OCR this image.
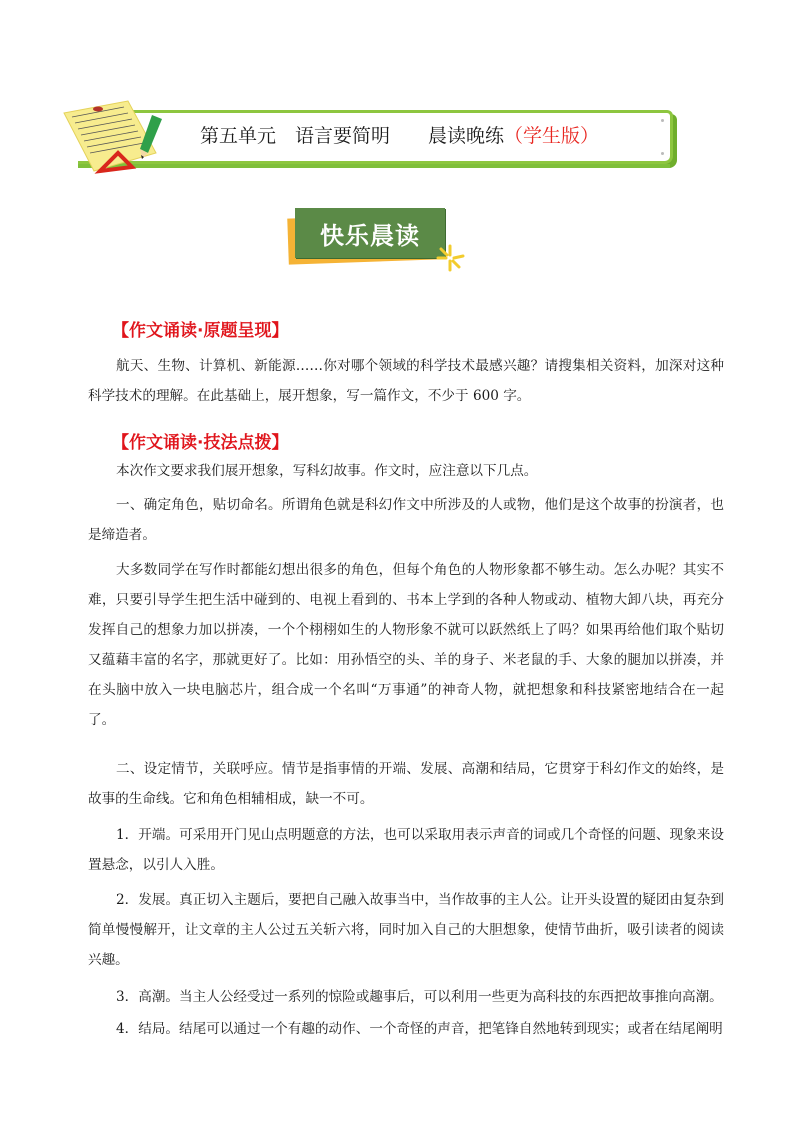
第五单元　语言要简明　　晨读晚练（学生版）
快乐晨读
【作文诵读·原题呈现】

航天、生物、计算机、新能源……你对哪个领域的科学技术最感兴趣？请搜集相关资料，加深对这种科学技术的理解。在此基础上，展开想象，写一篇作文，不少于 600 字。

【作文诵读·技法点拨】

本次作文要求我们展开想象，写科幻故事。作文时，应注意以下几点。

一、确定角色，贴切命名。所谓角色就是科幻作文中所涉及的人或物，他们是这个故事的扮演者，也是缔造者。

大多数同学在写作时都能幻想出很多的角色，但每个角色的人物形象都不够生动。怎么办呢？其实不难，只要引导学生把生活中碰到的、电视上看到的、书本上学到的各种人物或动、植物大卸八块，再充分发挥自己的想象力加以拼凑，一个个栩栩如生的人物形象不就可以跃然纸上了吗？如果再给他们取个贴切又蕴藉丰富的名字，那就更好了。比如：用孙悟空的头、羊的身子、米老鼠的手、大象的腿加以拼凑，并在头脑中放入一块电脑芯片，组合成一个名叫“万事通”的神奇人物，就把想象和科技紧密地结合在一起了。

二、设定情节，关联呼应。情节是指事情的开端、发展、高潮和结局，它贯穿于科幻作文的始终，是故事的生命线。它和角色相辅相成，缺一不可。

1．开端。可采用开门见山点明题意的方法，也可以采取用表示声音的词或几个奇怪的问题、现象来设置悬念，以引人入胜。

2．发展。真正切入主题后，要把自己融入故事当中，当作故事的主人公。让开头设置的疑团由复杂到简单慢慢解开，让文章的主人公过五关斩六将，同时加入自己的大胆想象，使情节曲折，吸引读者的阅读兴趣。

3．高潮。当主人公经受过一系列的惊险或趣事后，可以利用一些更为高科技的东西把故事推向高潮。

4．结局。结尾可以通过一个有趣的动作、一个奇怪的声音，把笔锋自然地转到现实；或者在结尾阐明
